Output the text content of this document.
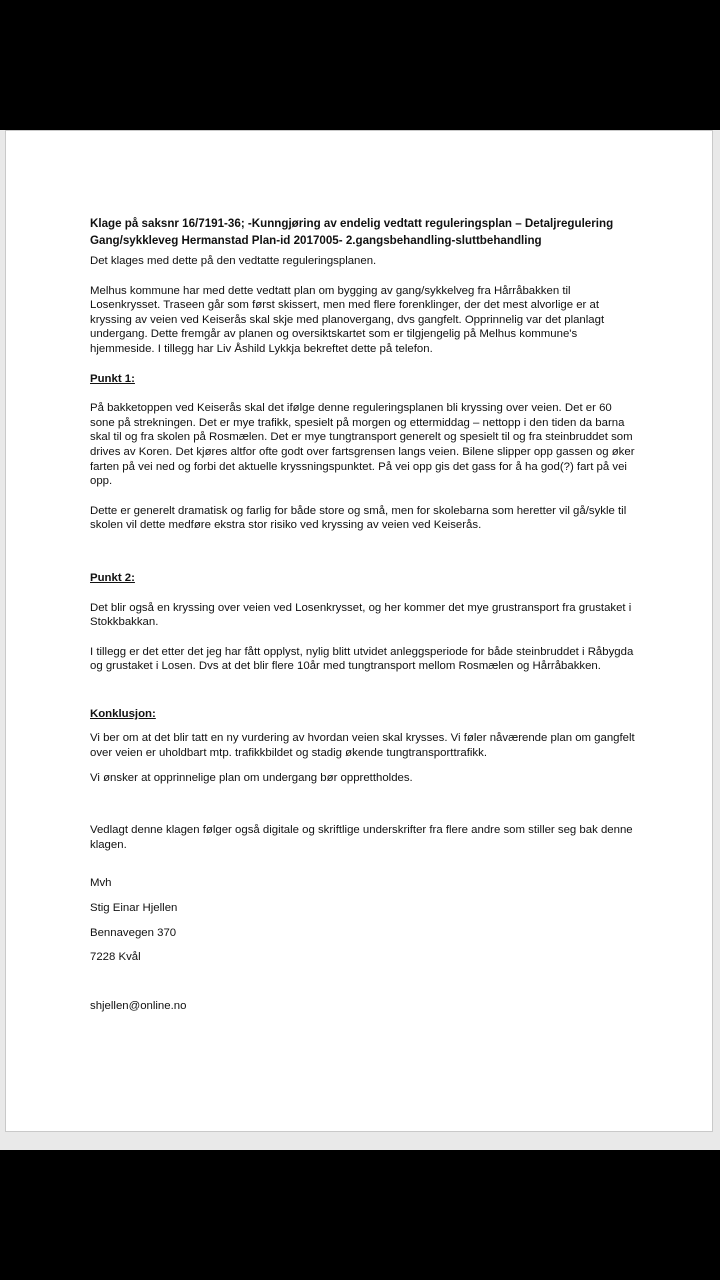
Klage på saksnr 16/7191-36; -Kunngjøring av endelig vedtatt reguleringsplan – Detaljregulering Gang/sykkleveg Hermanstad Plan-id 2017005- 2.gangsbehandling-sluttbehandling

Det klages med dette på den vedtatte reguleringsplanen.

Melhus kommune har med dette vedtatt plan om bygging av gang/sykkelveg fra Hårråbakken til Losenkrysset. Traseen går som først skissert, men med flere forenklinger, der det mest alvorlige er at kryssing av veien ved Keiserås skal skje med planovergang, dvs gangfelt. Opprinnelig var det planlagt undergang. Dette fremgår av planen og oversiktskartet som er tilgjengelig på Melhus kommune's hjemmeside. I tillegg har Liv Åshild Lykkja bekreftet dette på telefon.

Punkt 1:

På bakketoppen ved Keiserås skal det ifølge denne reguleringsplanen bli kryssing over veien. Det er 60 sone på strekningen. Det er mye trafikk, spesielt på morgen og ettermiddag – nettopp i den tiden da barna skal til og fra skolen på Rosmælen. Det er mye tungtransport generelt og spesielt til og fra steinbruddet som drives av Koren. Det kjøres altfor ofte godt over fartsgrensen langs veien. Bilene slipper opp gassen og øker farten på vei ned og forbi det aktuelle kryssningspunktet. På vei opp gis det gass for å ha god(?) fart på vei opp.

Dette er generelt dramatisk og farlig for både store og små, men for skolebarna som heretter vil gå/sykle til skolen vil dette medføre ekstra stor risiko ved kryssing av veien ved Keiserås.

Punkt 2:

Det blir også en kryssing over veien ved Losenkrysset, og her kommer det mye grustransport fra grustaket i Stokkbakkan.

I tillegg er det etter det jeg har fått opplyst, nylig blitt utvidet anleggsperiode for både steinbruddet i Råbygda og grustaket i Losen. Dvs at det blir flere 10år med tungtransport mellom Rosmælen og Hårråbakken.

Konklusjon:

Vi ber om at det blir tatt en ny vurdering av hvordan veien skal krysses. Vi føler nåværende plan om gangfelt over veien er uholdbart mtp. trafikkbildet og stadig økende tungtransporttrafikk.

Vi ønsker at opprinnelige plan om undergang bør opprettholdes.

Vedlagt denne klagen følger også digitale og skriftlige underskrifter fra flere andre som stiller seg bak denne klagen.

Mvh

Stig Einar Hjellen

Bennavegen 370

7228 Kvål

shjellen@online.no
